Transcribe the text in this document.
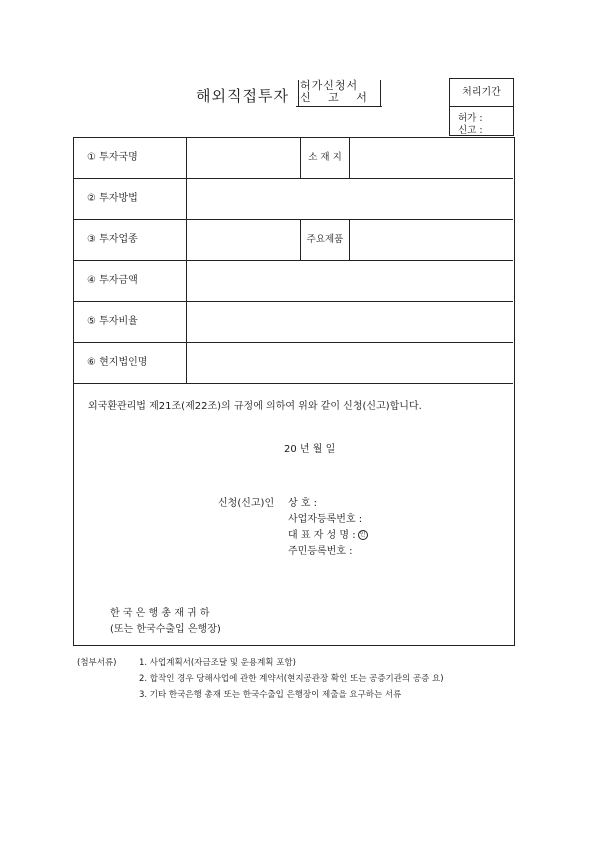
해외직접투자
허가신청서
신 고 서	처리기간
허가 :
신고 :
① 투자국명	소 재 지
② 투자방법
③ 투자업종	주요제품
④ 투자금액
⑤ 투자비율
⑥ 현지법인명
외국환관리법 제21조(제22조)의 규정에 의하여 위와 같이 신청(신고)합니다.
20 년 월 일
신청(신고)인 상 호 :
사업자등록번호 :
대 표 자 성 명 : 인
주민등록번호 :
한 국 은 행 총 재 귀 하
(또는 한국수출입 은행장)
(첨부서류)	1. 사업계획서(자금조달 및 운용계획 포함)
2. 합작인 경우 당해사업에 관한 계약서(현지공관장 확인 또는 공증기관의 공증 요)
3. 기타 한국은행 총재 또는 한국수출입 은행장이 제출을 요구하는 서류
